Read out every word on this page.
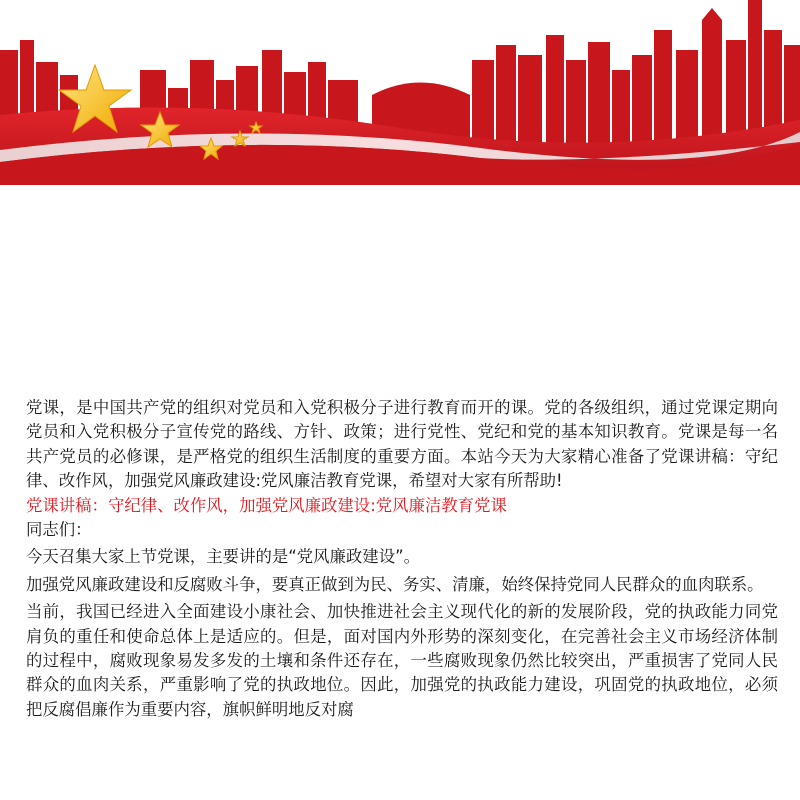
党课，是中国共产党的组织对党员和入党积极分子进行教育而开的课。党的各级组织，通过党课定期向党员和入党积极分子宣传党的路线、方针、政策；进行党性、党纪和党的基本知识教育。党课是每一名共产党员的必修课，是严格党的组织生活制度的重要方面。本站今天为大家精心准备了党课讲稿：守纪律、改作风，加强党风廉政建设:党风廉洁教育党课，希望对大家有所帮助!

党课讲稿：守纪律、改作风，加强党风廉政建设:党风廉洁教育党课

同志们：

今天召集大家上节党课，主要讲的是“党风廉政建设”。

加强党风廉政建设和反腐败斗争，要真正做到为民、务实、清廉，始终保持党同人民群众的血肉联系。

当前，我国已经进入全面建设小康社会、加快推进社会主义现代化的新的发展阶段，党的执政能力同党肩负的重任和使命总体上是适应的。但是，面对国内外形势的深刻变化，在完善社会主义市场经济体制的过程中，腐败现象易发多发的土壤和条件还存在，一些腐败现象仍然比较突出，严重损害了党同人民群众的血肉关系，严重影响了党的执政地位。因此，加强党的执政能力建设，巩固党的执政地位，必须把反腐倡廉作为重要内容，旗帜鲜明地反对腐
